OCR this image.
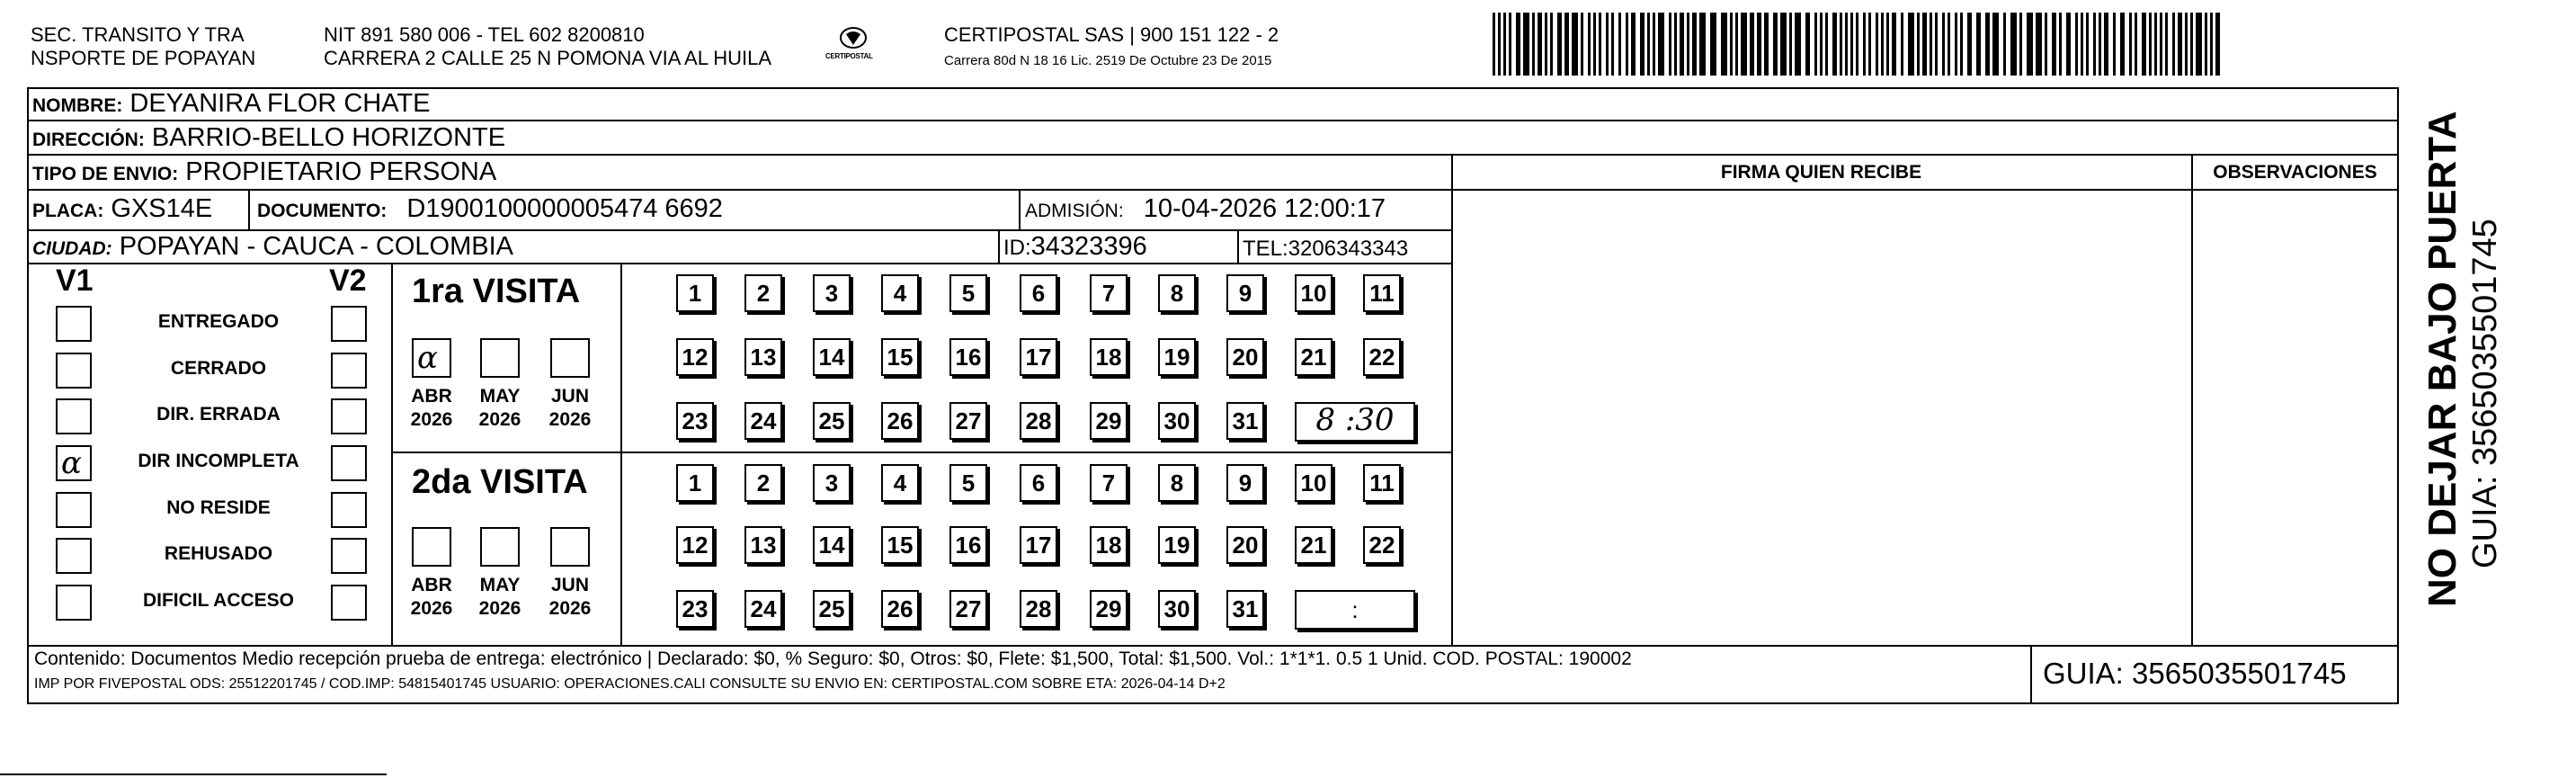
SEC. TRANSITO Y TRA
NSPORTE DE POPAYAN
NIT 891 580 006 - TEL 602 8200810
CARRERA 2 CALLE 25 N POMONA VIA AL HUILA	CERTIPOSTAL
CERTIPOSTAL SAS | 900 151 122 - 2
Carrera 80d N 18 16 Lic. 2519 De Octubre 23 De 2015
NOMBRE: DEYANIRA FLOR CHATE
DIRECCIÓN: BARRIO-BELLO HORIZONTE
TIPO DE ENVIO: PROPIETARIO PERSONA	FIRMA QUIEN RECIBE	OBSERVACIONES
PLACA: GXS14E DOCUMENTO: D1900100000005474 6692	ADMISIÓN: 10-04-2026 12:00:17
CIUDAD: POPAYAN - CAUCA - COLOMBIA	ID:34323396	TEL:3206343343
V1	V2
ENTREGADO
CERRADO
DIR. ERRADA
α	DIR INCOMPLETA
NO RESIDE
REHUSADO
DIFICIL ACCESO
1ra VISITA
α
ABR
2026
MAY
2026
JUN
2026
1	2	3	4	5	6	7	8	9	10 11
12 13 14 15 16 17 18 19 20 21 22
23 24 25 26 27 28 29 30 31	8 :30
2da VISITA
ABR
2026
MAY
2026
JUN
2026
1	2	3	4	5	6	7	8	9	10 11
12 13 14 15 16 17 18 19 20 21 22
23 24 25 26 27 28 29 30 31	:
Contenido: Documentos Medio recepción prueba de entrega: electrónico | Declarado: $0, % Seguro: $0, Otros: $0, Flete: $1,500, Total: $1,500. Vol.: 1*1*1. 0.5 1 Unid. COD. POSTAL: 190002
IMP POR FIVEPOSTAL ODS: 25512201745 / COD.IMP: 54815401745 USUARIO: OPERACIONES.CALI CONSULTE SU ENVIO EN: CERTIPOSTAL.COM SOBRE ETA: 2026-04-14 D+2	GUIA: 3565035501745
NO DEJAR BAJO PUERTA GUIA: 3565035501745
